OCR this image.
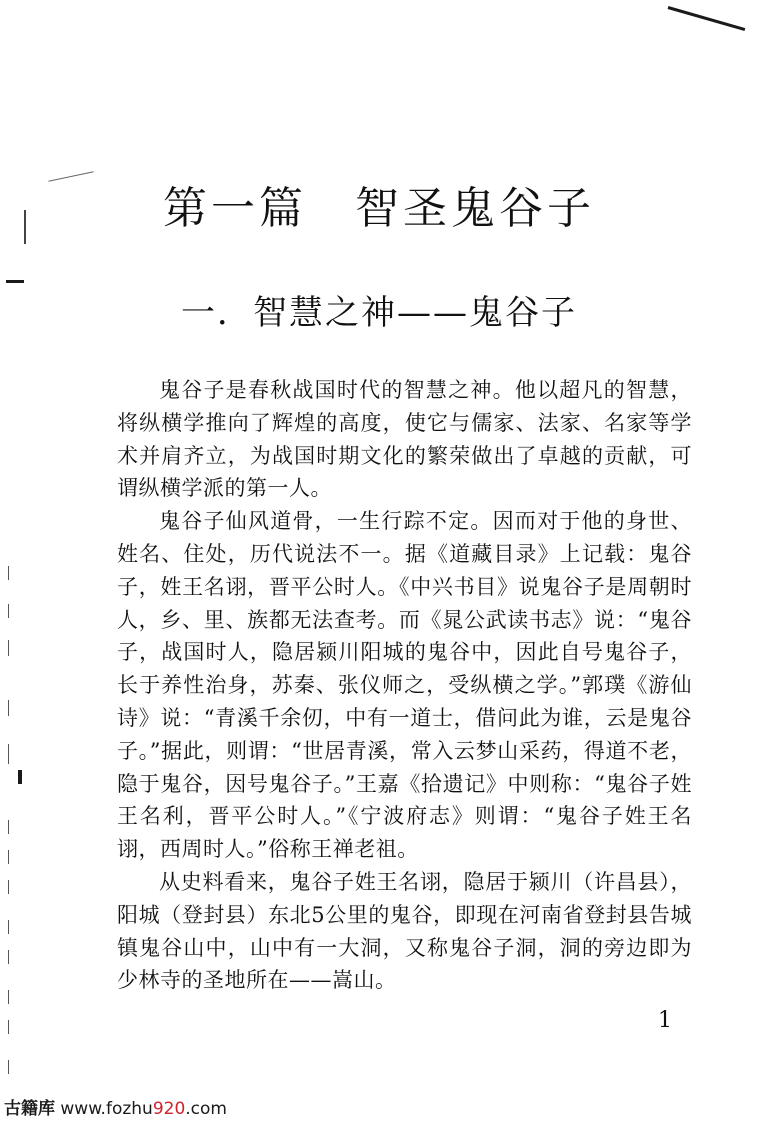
第一篇　智圣鬼谷子
一．智慧之神——鬼谷子

鬼谷子是春秋战国时代的智慧之神。他以超凡的智慧，将纵横学推向了辉煌的高度，使它与儒家、法家、名家等学术并肩齐立，为战国时期文化的繁荣做出了卓越的贡献，可谓纵横学派的第一人。

鬼谷子仙风道骨，一生行踪不定。因而对于他的身世、姓名、住处，历代说法不一。据《道藏目录》上记载：鬼谷子，姓王名诩，晋平公时人。《中兴书目》说鬼谷子是周朝时人，乡、里、族都无法查考。而《晁公武读书志》说：“鬼谷子，战国时人，隐居颍川阳城的鬼谷中，因此自号鬼谷子，长于养性治身，苏秦、张仪师之，受纵横之学。”郭璞《游仙诗》说：“青溪千余仞，中有一道士，借问此为谁，云是鬼谷子。”据此，则谓：“世居青溪，常入云梦山采药，得道不老，隐于鬼谷，因号鬼谷子。”王嘉《拾遗记》中则称：“鬼谷子姓王名利，晋平公时人。”《宁波府志》则谓：“鬼谷子姓王名诩，西周时人。”俗称王禅老祖。

从史料看来，鬼谷子姓王名诩，隐居于颍川（许昌县），阳城（登封县）东北5公里的鬼谷，即现在河南省登封县告城镇鬼谷山中，山中有一大洞，又称鬼谷子洞，洞的旁边即为少林寺的圣地所在——嵩山。

1
古籍库 www.fozhu920.com
